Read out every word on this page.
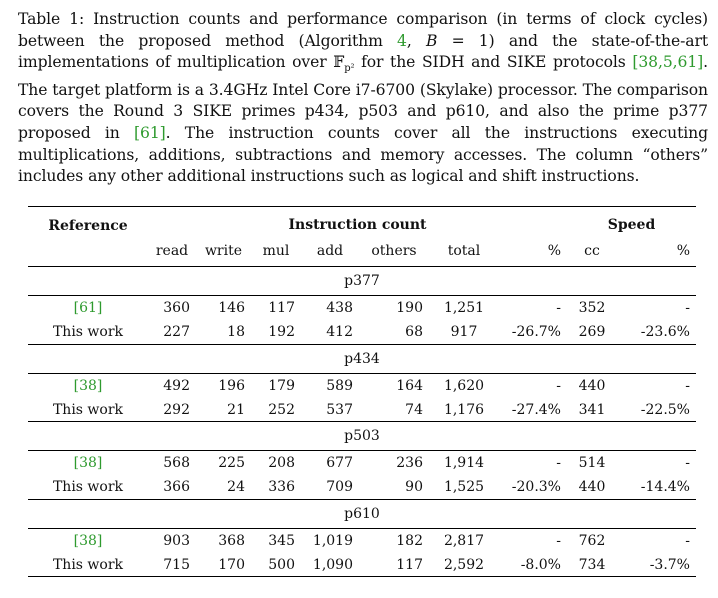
Table 1: Instruction counts and performance comparison (in terms of clock cycles) between the proposed method (Algorithm 4, B = 1) and the state-of-the-art implementations of multiplication over 𝔽$_{p^2}$ for the SIDH and SIKE protocols [38,5,61]. The target platform is a 3.4GHz Intel Core i7-6700 (Skylake) processor. The comparison covers the Round 3 SIKE primes p434, p503 and p610, and also the prime p377 proposed in [61]. The instruction counts cover all the instructions executing multiplications, additions, subtractions and memory accesses. The column “others” includes any other additional instructions such as logical and shift instructions.
Reference	Instruction count							Speed	
	read	write	mul	add	others	total	%	cc	%
p377									
[61]	360	146	117	438	190	1,251	-	352	-
This work	227	18	192	412	68	917	-26.7%	269	-23.6%
p434									
[38]	492	196	179	589	164	1,620	-	440	-
This work	292	21	252	537	74	1,176	-27.4%	341	-22.5%
p503									
[38]	568	225	208	677	236	1,914	-	514	-
This work	366	24	336	709	90	1,525	-20.3%	440	-14.4%
p610									
[38]	903	368	345	1,019	182	2,817	-	762	-
This work	715	170	500	1,090	117	2,592	-8.0%	734	-3.7%
